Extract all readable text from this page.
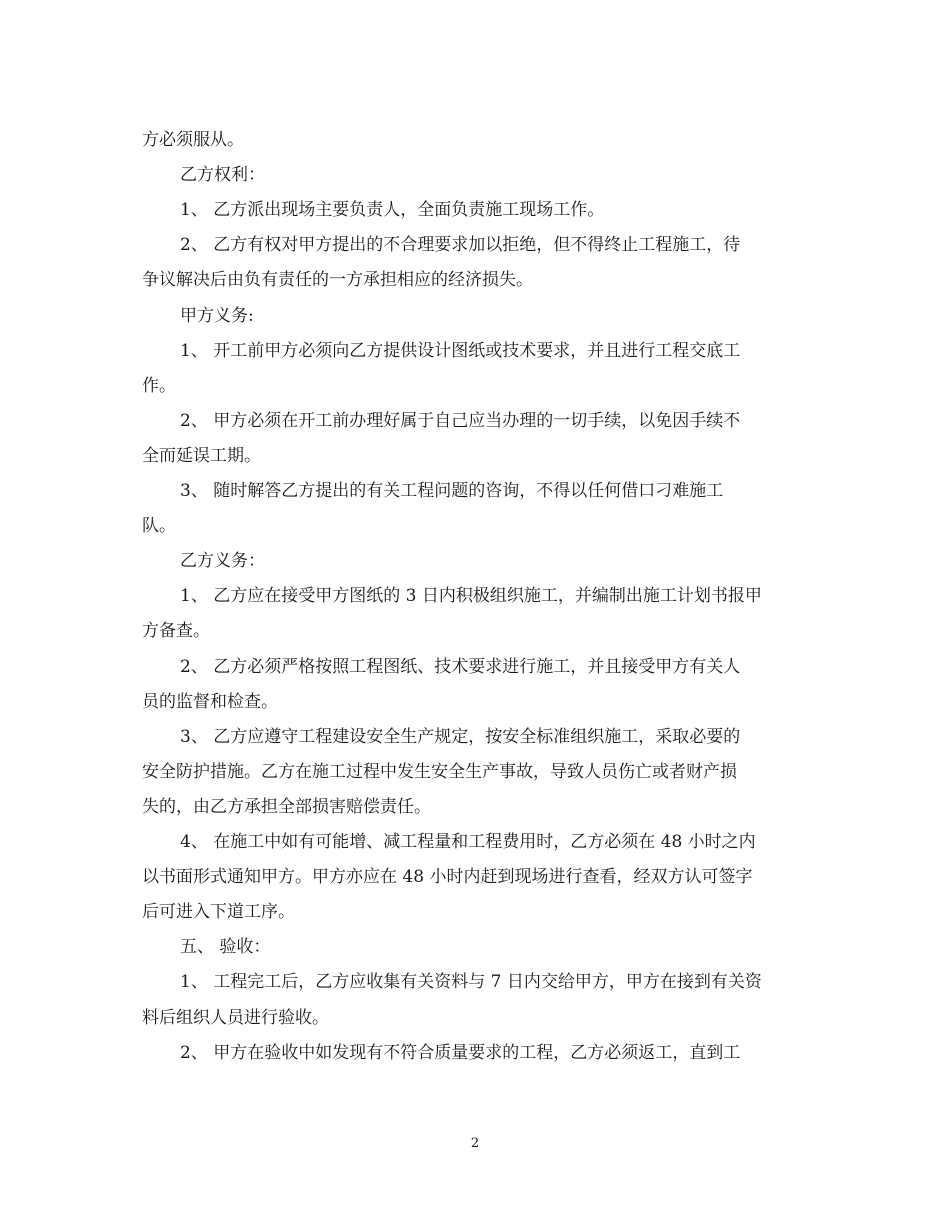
方必须服从。
乙方权利：
1、 乙方派出现场主要负责人，全面负责施工现场工作。
2、 乙方有权对甲方提出的不合理要求加以拒绝，但不得终止工程施工，待
争议解决后由负有责任的一方承担相应的经济损失。
甲方义务:
1、 开工前甲方必须向乙方提供设计图纸或技术要求，并且进行工程交底工
作。
2、 甲方必须在开工前办理好属于自己应当办理的一切手续，以免因手续不
全而延误工期。
3、 随时解答乙方提出的有关工程问题的咨询，不得以任何借口刁难施工
队。
乙方义务：
1、 乙方应在接受甲方图纸的 3 日内积极组织施工，并编制出施工计划书报甲
方备查。
2、 乙方必须严格按照工程图纸、技术要求进行施工，并且接受甲方有关人
员的监督和检查。
3、 乙方应遵守工程建设安全生产规定，按安全标准组织施工，采取必要的
安全防护措施。乙方在施工过程中发生安全生产事故，导致人员伤亡或者财产损
失的，由乙方承担全部损害赔偿责任。
4、 在施工中如有可能增、减工程量和工程费用时，乙方必须在 48 小时之内
以书面形式通知甲方。甲方亦应在 48 小时内赶到现场进行查看，经双方认可签字
后可进入下道工序。
五、 验收：
1、 工程完工后，乙方应收集有关资料与 7 日内交给甲方，甲方在接到有关资
料后组织人员进行验收。
2、 甲方在验收中如发现有不符合质量要求的工程，乙方必须返工，直到工
2
